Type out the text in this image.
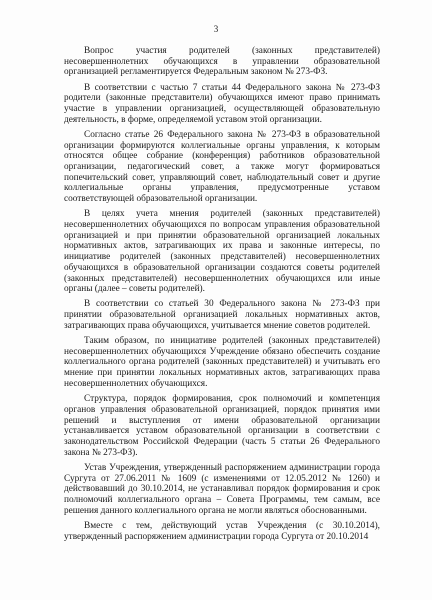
3

Вопрос участия родителей (законных представителей) несовершеннолетних обучающихся в управлении образовательной организацией регламентируется Федеральным законом № 273-ФЗ.

В соответствии с частью 7 статьи 44 Федерального закона № 273-ФЗ родители (законные представители) обучающихся имеют право принимать участие в управлении организацией, осуществляющей образовательную деятельность, в форме, определяемой уставом этой организации.

Согласно статье 26 Федерального закона № 273-ФЗ в образовательной организации формируются коллегиальные органы управления, к которым относятся общее собрание (конференция) работников образовательной организации, педагогический совет, а также могут формироваться попечительский совет, управляющий совет, наблюдательный совет и другие коллегиальные органы управления, предусмотренные уставом соответствующей образовательной организации.

В целях учета мнения родителей (законных представителей) несовершеннолетних обучающихся по вопросам управления образовательной организацией и при принятии образовательной организацией локальных нормативных актов, затрагивающих их права и законные интересы, по инициативе родителей (законных представителей) несовершеннолетних обучающихся в образовательной организации создаются советы родителей (законных представителей) несовершеннолетних обучающихся или иные органы (далее – советы родителей).

В соответствии со статьей 30 Федерального закона № 273-ФЗ при принятии образовательной организацией локальных нормативных актов, затрагивающих права обучающихся, учитывается мнение советов родителей.

Таким образом, по инициативе родителей (законных представителей) несовершеннолетних обучающихся Учреждение обязано обеспечить создание коллегиального органа родителей (законных представителей) и учитывать его мнение при принятии локальных нормативных актов, затрагивающих права несовершеннолетних обучающихся.

Структура, порядок формирования, срок полномочий и компетенция органов управления образовательной организацией, порядок принятия ими решений и выступления от имени образовательной организации устанавливается уставом образовательной организации в соответствии с законодательством Российской Федерации (часть 5 статьи 26 Федерального закона № 273-ФЗ).

Устав Учреждения, утвержденный распоряжением администрации города Сургута от 27.06.2011 № 1609 (с изменениями от 12.05.2012 № 1260) и действовавший до 30.10.2014, не устанавливал порядок формирования и срок полномочий коллегиального органа – Совета Программы, тем самым, все решения данного коллегиального органа не могли являться обоснованными.

Вместе с тем, действующий устав Учреждения (с 30.10.2014), утвержденный распоряжением администрации города Сургута от 20.10.2014
